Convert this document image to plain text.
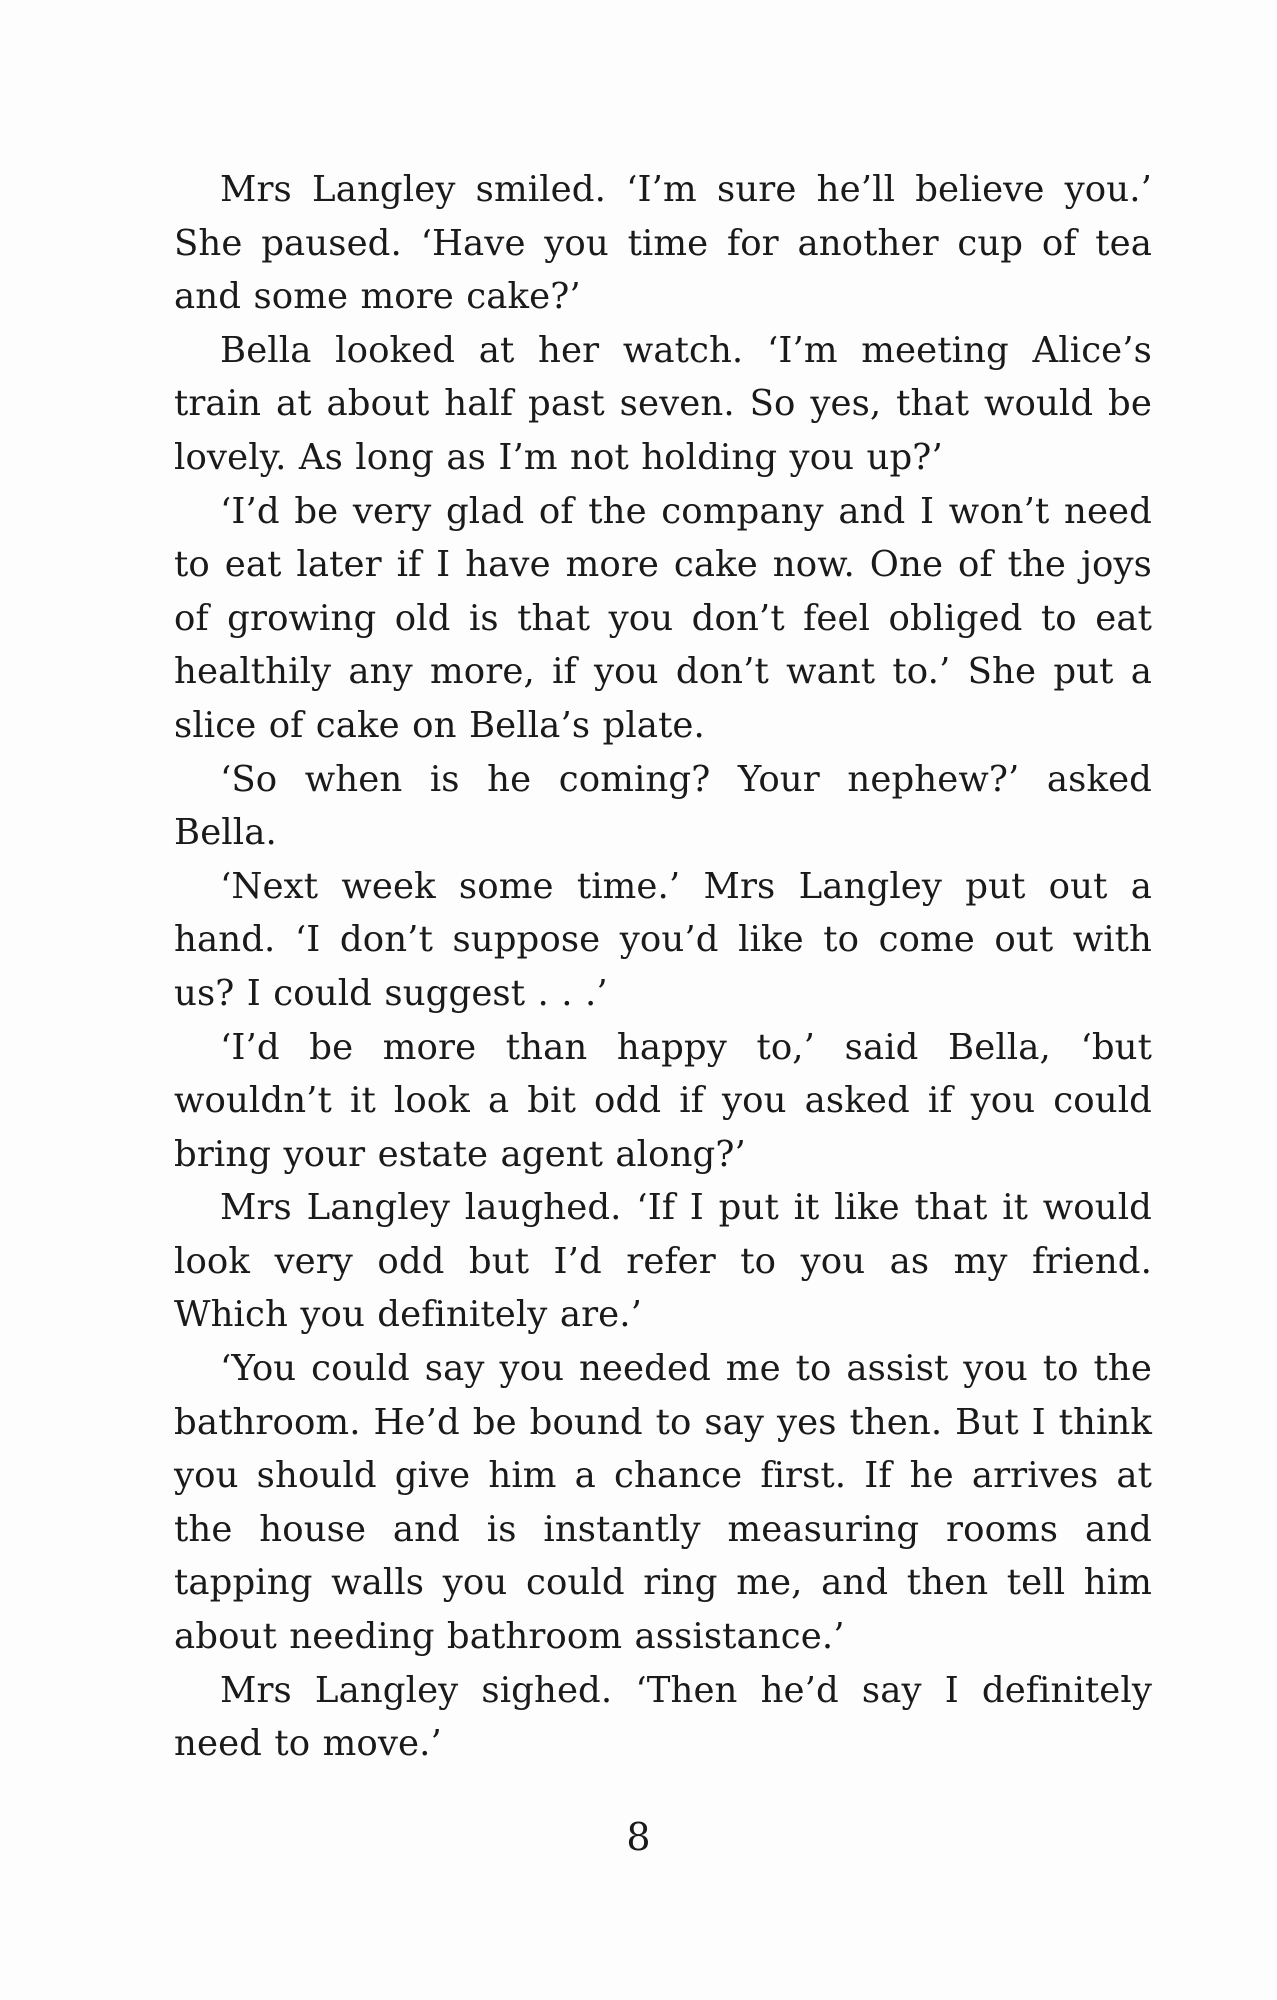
Mrs Langley smiled. ‘I’m sure he’ll believe you.’ She paused. ‘Have you time for another cup of tea and some more cake?’

Bella looked at her watch. ‘I’m meeting Alice’s train at about half past seven. So yes, that would be lovely. As long as I’m not holding you up?’

‘I’d be very glad of the company and I won’t need to eat later if I have more cake now. One of the joys of growing old is that you don’t feel obliged to eat healthily any more, if you don’t want to.’ She put a slice of cake on Bella’s plate.

‘So when is he coming? Your nephew?’ asked Bella.

‘Next week some time.’ Mrs Langley put out a hand. ‘I don’t suppose you’d like to come out with us? I could suggest . . .’

‘I’d be more than happy to,’ said Bella, ‘but wouldn’t it look a bit odd if you asked if you could bring your estate agent along?’

Mrs Langley laughed. ‘If I put it like that it would look very odd but I’d refer to you as my friend. Which you definitely are.’

‘You could say you needed me to assist you to the bathroom. He’d be bound to say yes then. But I think you should give him a chance first. If he arrives at the house and is instantly measuring rooms and tapping walls you could ring me, and then tell him about needing bathroom assistance.’

Mrs Langley sighed. ‘Then he’d say I definitely need to move.’

8
